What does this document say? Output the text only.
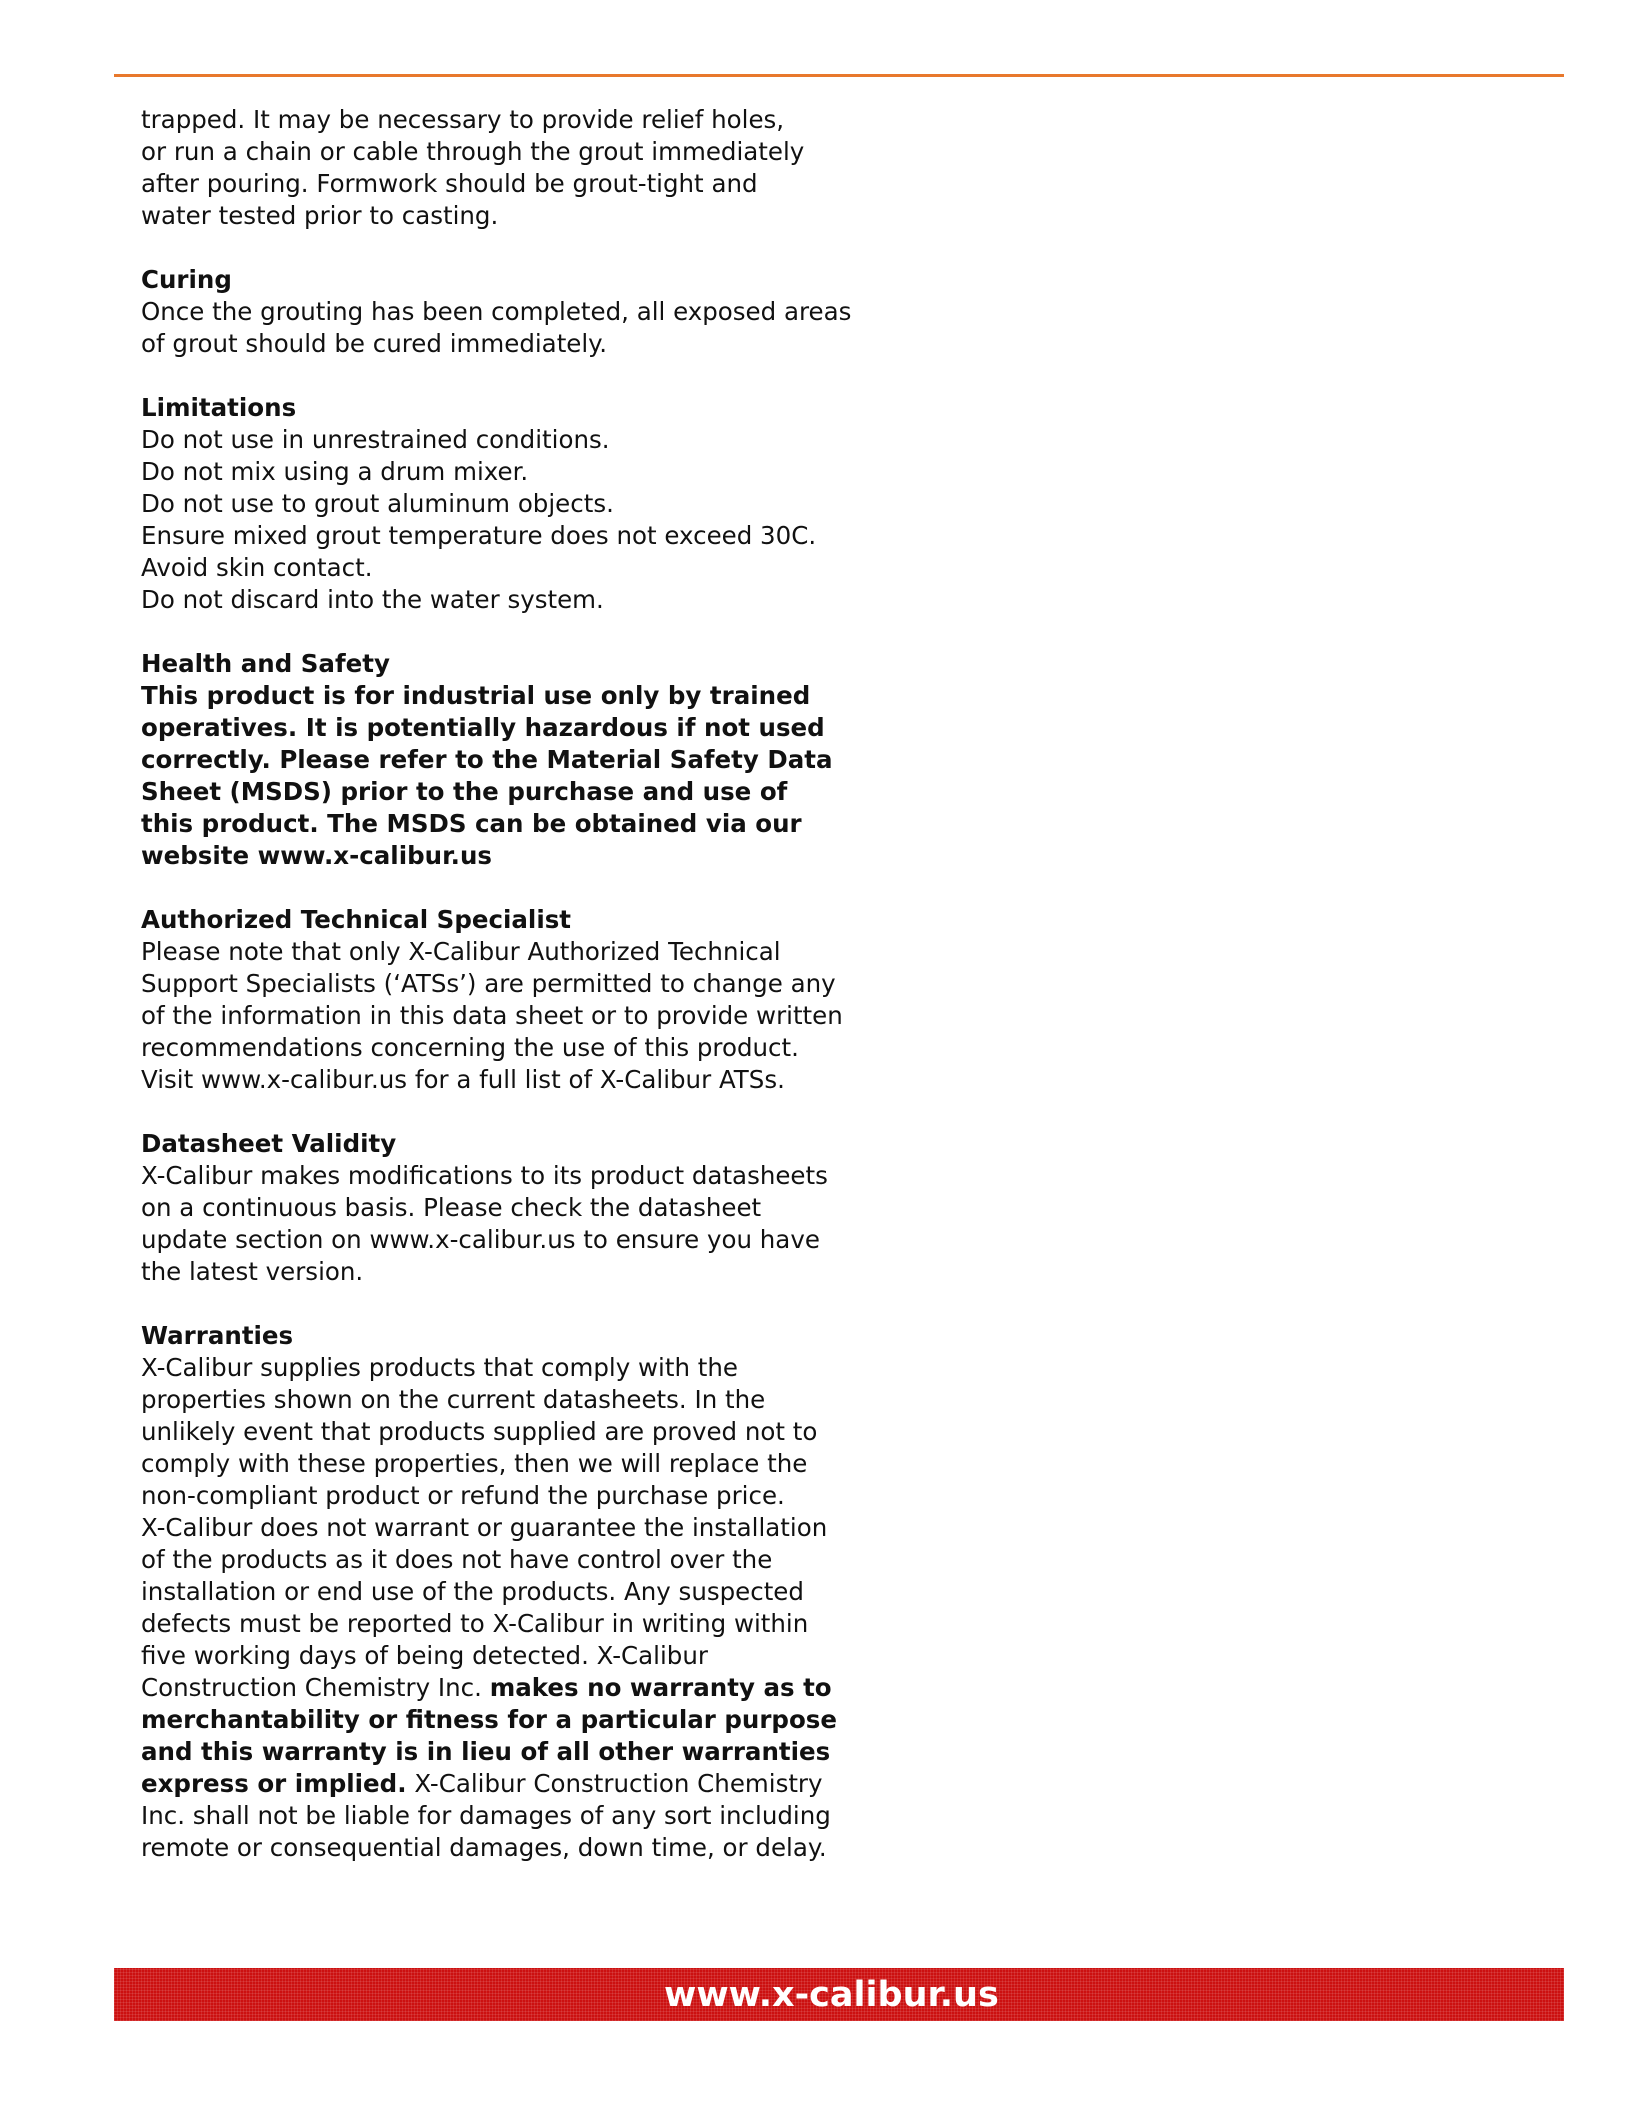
trapped. It may be necessary to provide relief holes,
or run a chain or cable through the grout immediately
after pouring. Formwork should be grout-tight and
water tested prior to casting.
Curing
Once the grouting has been completed, all exposed areas
of grout should be cured immediately.
Limitations
Do not use in unrestrained conditions.
Do not mix using a drum mixer.
Do not use to grout aluminum objects.
Ensure mixed grout temperature does not exceed 30C.
Avoid skin contact.
Do not discard into the water system.
Health and Safety
This product is for industrial use only by trained
operatives. It is potentially hazardous if not used
correctly. Please refer to the Material Safety Data
Sheet (MSDS) prior to the purchase and use of
this product. The MSDS can be obtained via our
website www.x-calibur.us
Authorized Technical Specialist
Please note that only X-Calibur Authorized Technical
Support Specialists (‘ATSs’) are permitted to change any
of the information in this data sheet or to provide written
recommendations concerning the use of this product.
Visit www.x-calibur.us for a full list of X-Calibur ATSs.
Datasheet Validity
X-Calibur makes modifications to its product datasheets
on a continuous basis. Please check the datasheet
update section on www.x-calibur.us to ensure you have
the latest version.
Warranties
X-Calibur supplies products that comply with the
properties shown on the current datasheets. In the
unlikely event that products supplied are proved not to
comply with these properties, then we will replace the
non-compliant product or refund the purchase price.
X-Calibur does not warrant or guarantee the installation
of the products as it does not have control over the
installation or end use of the products. Any suspected
defects must be reported to X-Calibur in writing within
five working days of being detected. X-Calibur
Construction Chemistry Inc. makes no warranty as to
merchantability or fitness for a particular purpose
and this warranty is in lieu of all other warranties
express or implied. X-Calibur Construction Chemistry
Inc. shall not be liable for damages of any sort including
remote or consequential damages, down time, or delay.
www.x-calibur.us
